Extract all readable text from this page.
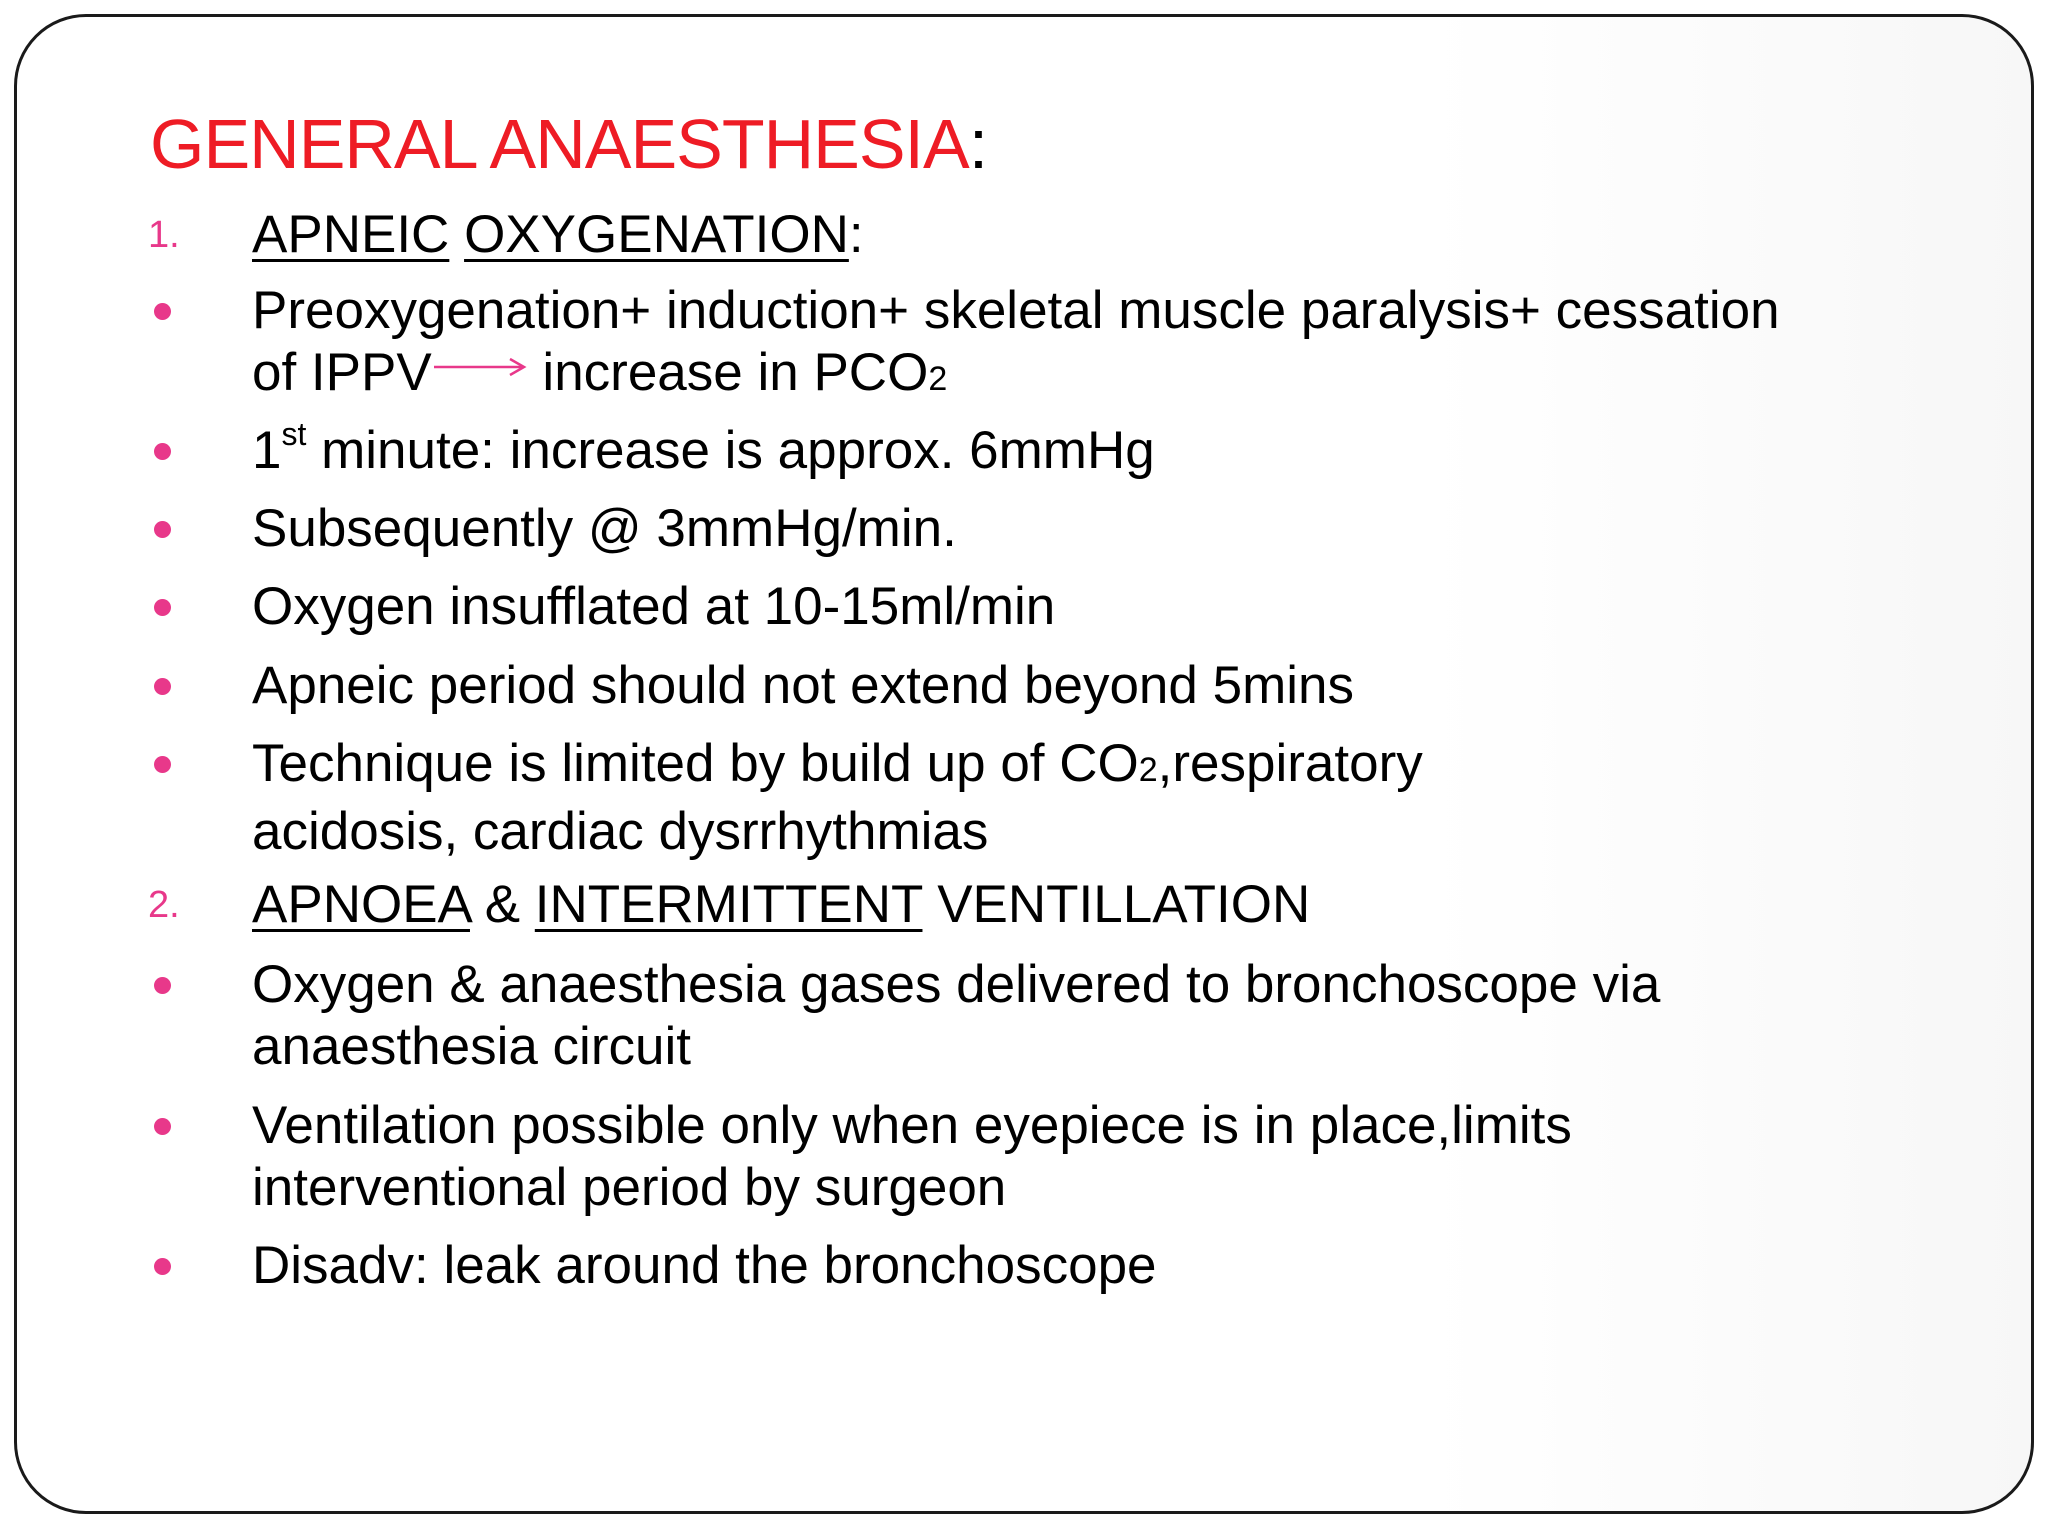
GENERAL ANAESTHESIA:
1.	APNEIC OXYGENATION:
Preoxygenation+ induction+ skeletal muscle paralysis+ cessation
of IPPV increase in PCO2
1st minute: increase is approx. 6mmHg
Subsequently @ 3mmHg/min.
Oxygen insufflated at 10-15ml/min
Apneic period should not extend beyond 5mins
Technique is limited by build up of CO2,respiratory
acidosis, cardiac dysrrhythmias
2.	APNOEA & INTERMITTENT VENTILLATION
Oxygen & anaesthesia gases delivered to bronchoscope via
anaesthesia circuit
Ventilation possible only when eyepiece is in place,limits
interventional period by surgeon
Disadv: leak around the bronchoscope
